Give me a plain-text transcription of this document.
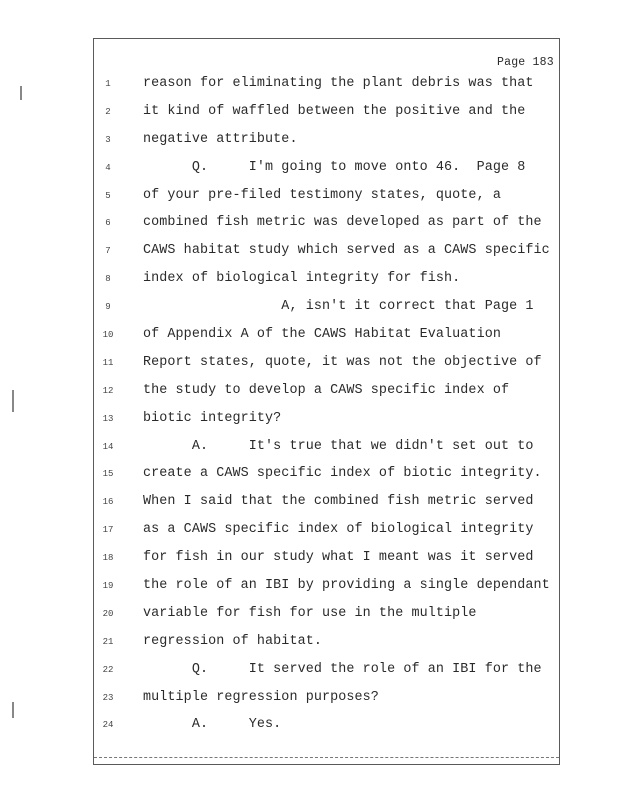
Page 183
1	reason for eliminating the plant debris was that
2	it kind of waffled between the positive and the
3	negative attribute.
4	Q.     I'm going to move onto 46.  Page 8
5	of your pre-filed testimony states, quote, a
6	combined fish metric was developed as part of the
7	CAWS habitat study which served as a CAWS specific
8	index of biological integrity for fish.
9	A, isn't it correct that Page 1
10	of Appendix A of the CAWS Habitat Evaluation
11	Report states, quote, it was not the objective of
12	the study to develop a CAWS specific index of
13	biotic integrity?
14	A.     It's true that we didn't set out to
15	create a CAWS specific index of biotic integrity.
16	When I said that the combined fish metric served
17	as a CAWS specific index of biological integrity
18	for fish in our study what I meant was it served
19	the role of an IBI by providing a single dependant
20	variable for fish for use in the multiple
21	regression of habitat.
22	Q.     It served the role of an IBI for the
23	multiple regression purposes?
24	A.     Yes.
